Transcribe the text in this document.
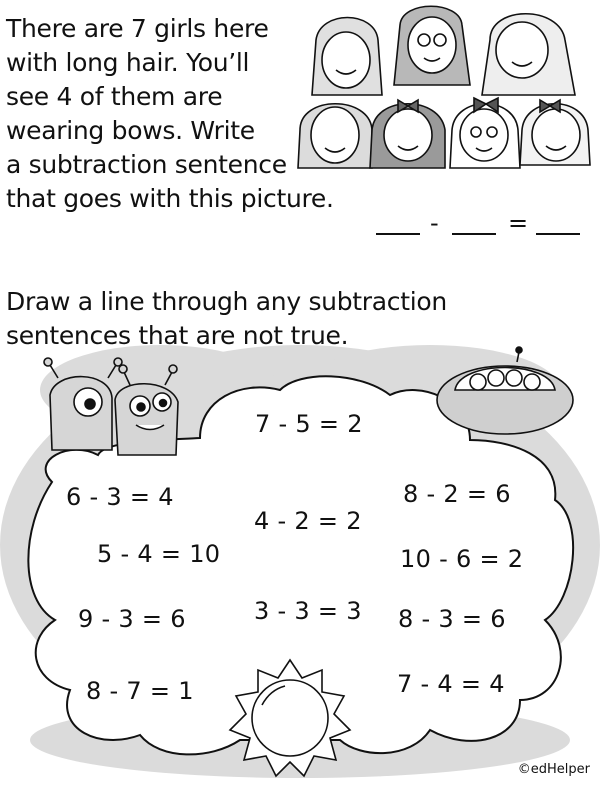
There are 7 girls here
with long hair. You’ll
see 4 of them are
wearing bows. Write
a subtraction sentence
that goes with this picture.
-	=
Draw a line through any subtraction
sentences that are not true.
7 - 5 = 2
6 - 3 = 4
4 - 2 = 2
8 - 2 = 6
5 - 4 = 10	10 - 6 = 2
9 - 3 = 6	3 - 3 = 3 8 - 3 = 6
8 - 7 = 1	7 - 4 = 4
©edHelper
